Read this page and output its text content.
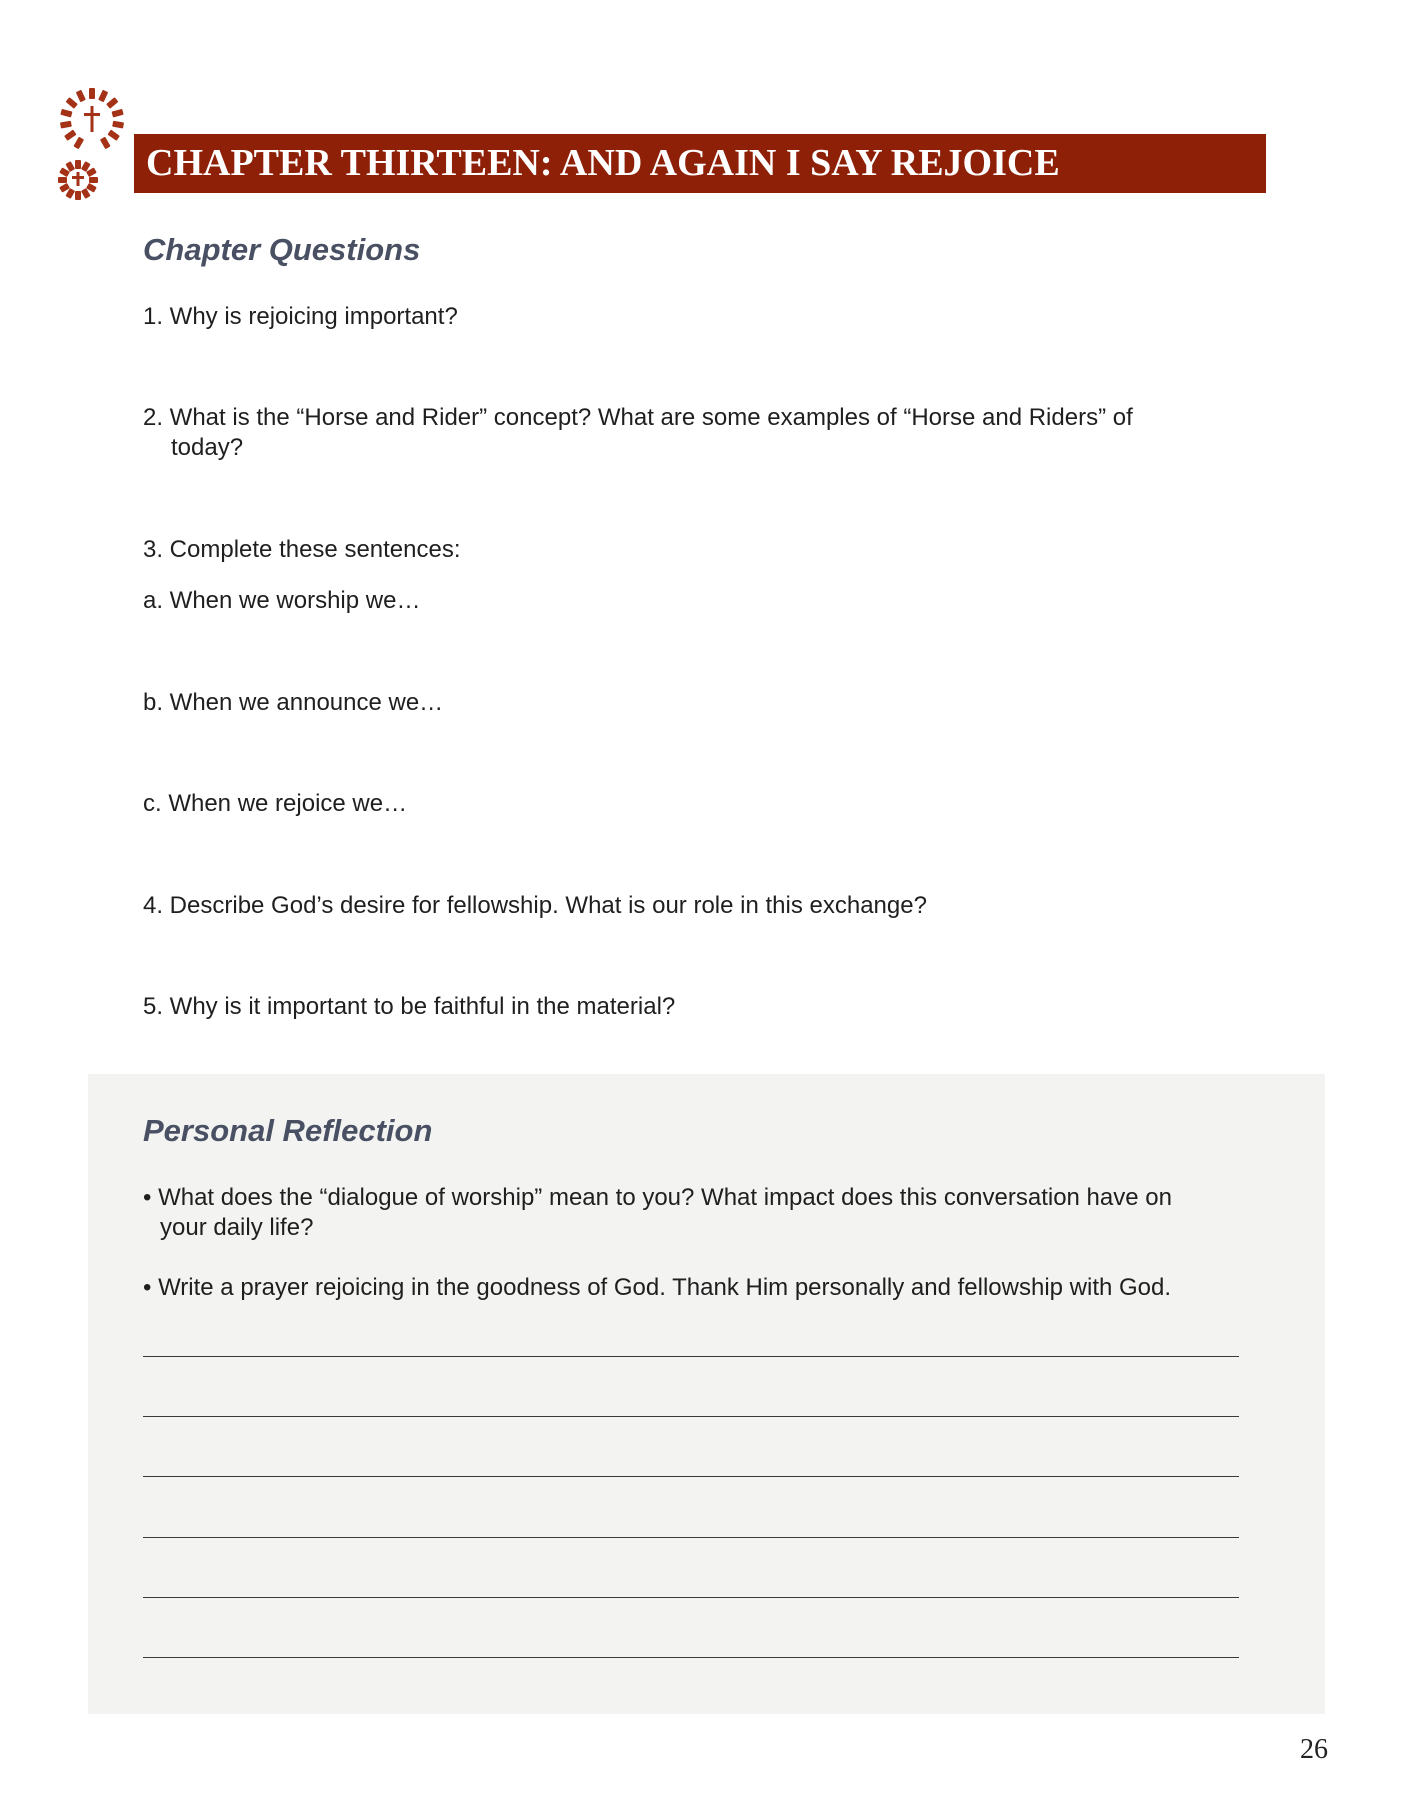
CHAPTER THIRTEEN: AND AGAIN I SAY REJOICE
Chapter Questions
1. Why is rejoicing important?
2. What is the “Horse and Rider” concept? What are some examples of “Horse and Riders” of
today?
3. Complete these sentences:
a. When we worship we…
b. When we announce we…
c. When we rejoice we…
4. Describe God’s desire for fellowship. What is our role in this exchange?
5. Why is it important to be faithful in the material?
Personal Reflection
• What does the “dialogue of worship” mean to you? What impact does this conversation have on
your daily life?
• Write a prayer rejoicing in the goodness of God. Thank Him personally and fellowship with God.
26
